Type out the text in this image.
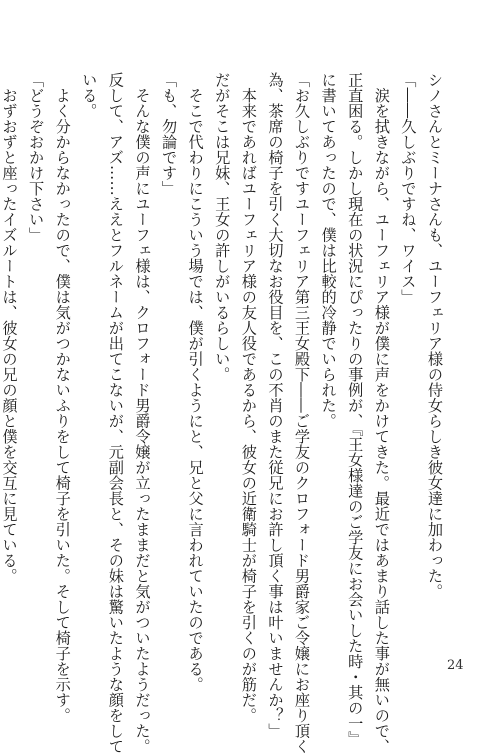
シノさんとミーナさんも、ユーフェリア様の侍女らしき彼女達に加わった。
「――久しぶりですね、ワイス」
　涙を拭きながら、ユーフェリア様が僕に声をかけてきた。最近ではあまり話した事が無いので、
正直困る。しかし現在の状況にぴったりの事例が、『王女様達のご学友にお会いした時・其の一』
に書いてあったので、僕は比較的冷静でいられた。
「お久しぶりですユーフェリア第三王女殿下――ご学友のクロフォード男爵家ご令嬢にお座り頂く
為、茶席の椅子を引く大切なお役目を、この不肖のまた従兄にお許し頂く事は叶いませんか？」
　本来であればユーフェリア様の友人役であるから、彼女の近衛騎士が椅子を引くのが筋だ。
だがそこは兄妹、王女の許しがいるらしい。
　そこで代わりにこういう場では、僕が引くようにと、兄と父に言われていたのである。
「も、勿論です」
　そんな僕の声にユーフェ様は、クロフォード男爵令嬢が立ったままだと気がついたようだった。
反して、アズ……ええとフルネームが出てこないが、元副会長と、その妹は驚いたような顔をして
いる。
　よく分からなかったので、僕は気がつかないふりをして椅子を引いた。そして椅子を示す。
「どうぞおかけ下さい」
　おずおずと座ったイズルートは、彼女の兄の顔と僕を交互に見ている。
24
